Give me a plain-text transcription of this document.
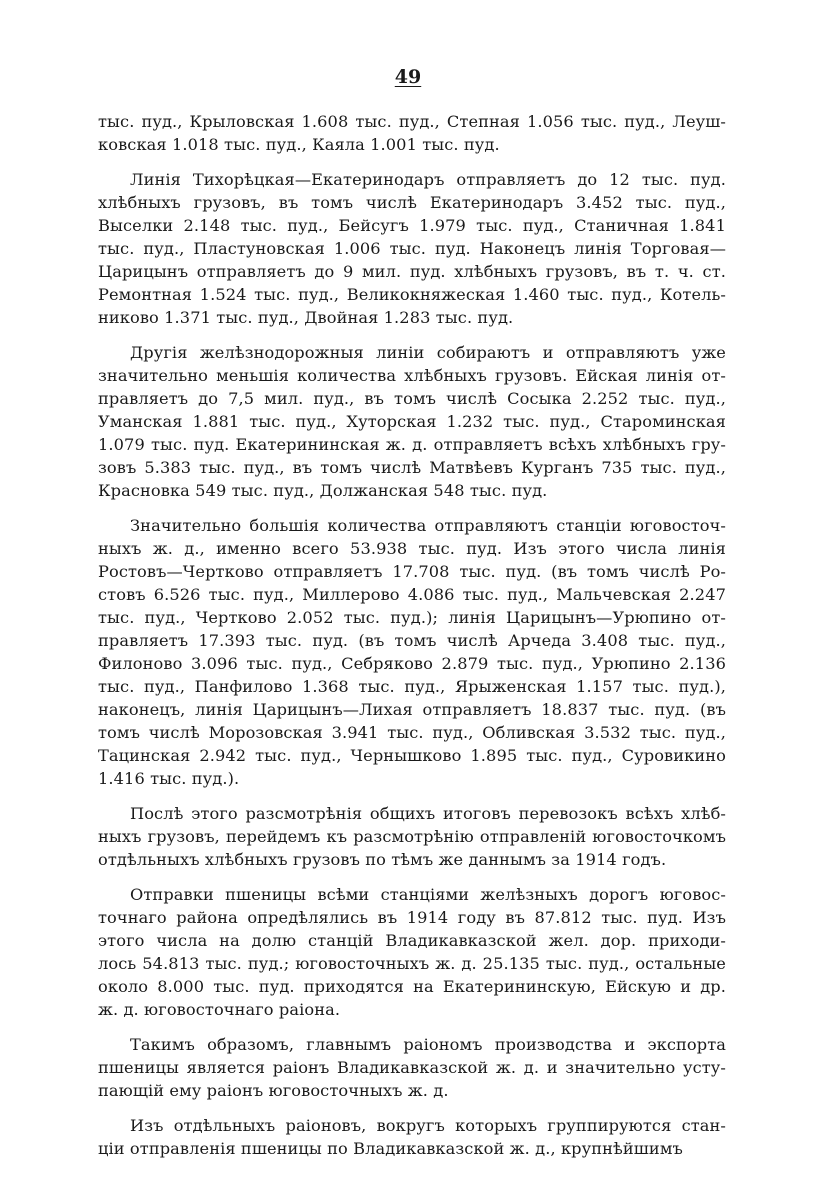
49
тыс. пуд., Крыловская 1.608 тыс. пуд., Степная 1.056 тыс. пуд., Леуш-
ковская 1.018 тыс. пуд., Каяла 1.001 тыс. пуд.
Линія Тихорѣцкая—Екатеринодаръ отправляетъ до 12 тыс. пуд.
хлѣбныхъ грузовъ, въ томъ числѣ Екатеринодаръ 3.452 тыс. пуд.,
Выселки 2.148 тыс. пуд., Бейсугъ 1.979 тыс. пуд., Станичная 1.841
тыс. пуд., Пластуновская 1.006 тыс. пуд. Наконецъ линія Торговая—
Царицынъ отправляетъ до 9 мил. пуд. хлѣбныхъ грузовъ, въ т. ч. ст.
Ремонтная 1.524 тыс. пуд., Великокняжеская 1.460 тыс. пуд., Котель-
никово 1.371 тыс. пуд., Двойная 1.283 тыс. пуд.
Другія желѣзнодорожныя линіи собираютъ и отправляютъ уже
значительно меньшія количества хлѣбныхъ грузовъ. Ейская линія от-
правляетъ до 7,5 мил. пуд., въ томъ числѣ Сосыка 2.252 тыс. пуд.,
Уманская 1.881 тыс. пуд., Хуторская 1.232 тыс. пуд., Староминская
1.079 тыс. пуд. Екатерининская ж. д. отправляетъ всѣхъ хлѣбныхъ гру-
зовъ 5.383 тыс. пуд., въ томъ числѣ Матвѣевъ Курганъ 735 тыс. пуд.,
Красновка 549 тыс. пуд., Должанская 548 тыс. пуд.
Значительно большія количества отправляютъ станціи юговосточ-
ныхъ ж. д., именно всего 53.938 тыс. пуд. Изъ этого числа линія
Ростовъ—Чертково отправляетъ 17.708 тыс. пуд. (въ томъ числѣ Ро-
стовъ 6.526 тыс. пуд., Миллерово 4.086 тыс. пуд., Мальчевская 2.247
тыс. пуд., Чертково 2.052 тыс. пуд.); линія Царицынъ—Урюпино от-
правляетъ 17.393 тыс. пуд. (въ томъ числѣ Арчеда 3.408 тыс. пуд.,
Филоново 3.096 тыс. пуд., Себряково 2.879 тыс. пуд., Урюпино 2.136
тыс. пуд., Панфилово 1.368 тыс. пуд., Ярыженская 1.157 тыс. пуд.),
наконецъ, линія Царицынъ—Лихая отправляетъ 18.837 тыс. пуд. (въ
томъ числѣ Морозовская 3.941 тыс. пуд., Обливская 3.532 тыс. пуд.,
Тацинская 2.942 тыс. пуд., Чернышково 1.895 тыс. пуд., Суровикино
1.416 тыс. пуд.).
Послѣ этого разсмотрѣнія общихъ итоговъ перевозокъ всѣхъ хлѣб-
ныхъ грузовъ, перейдемъ къ разсмотрѣнію отправленій юговосточкомъ
отдѣльныхъ хлѣбныхъ грузовъ по тѣмъ же даннымъ за 1914 годъ.
Отправки пшеницы всѣми станціями желѣзныхъ дорогъ юговос-
точнаго района опредѣлялись въ 1914 году въ 87.812 тыс. пуд. Изъ
этого числа на долю станцій Владикавказской жел. дор. приходи-
лось 54.813 тыс. пуд.; юговосточныхъ ж. д. 25.135 тыс. пуд., остальные
около 8.000 тыс. пуд. приходятся на Екатерининскую, Ейскую и др.
ж. д. юговосточнаго раіона.
Такимъ образомъ, главнымъ раіономъ производства и экспорта
пшеницы является раіонъ Владикавказской ж. д. и значительно усту-
пающій ему раіонъ юговосточныхъ ж. д.
Изъ отдѣльныхъ раіоновъ, вокругъ которыхъ группируются стан-
ціи отправленія пшеницы по Владикавказской ж. д., крупнѣйшимъ
